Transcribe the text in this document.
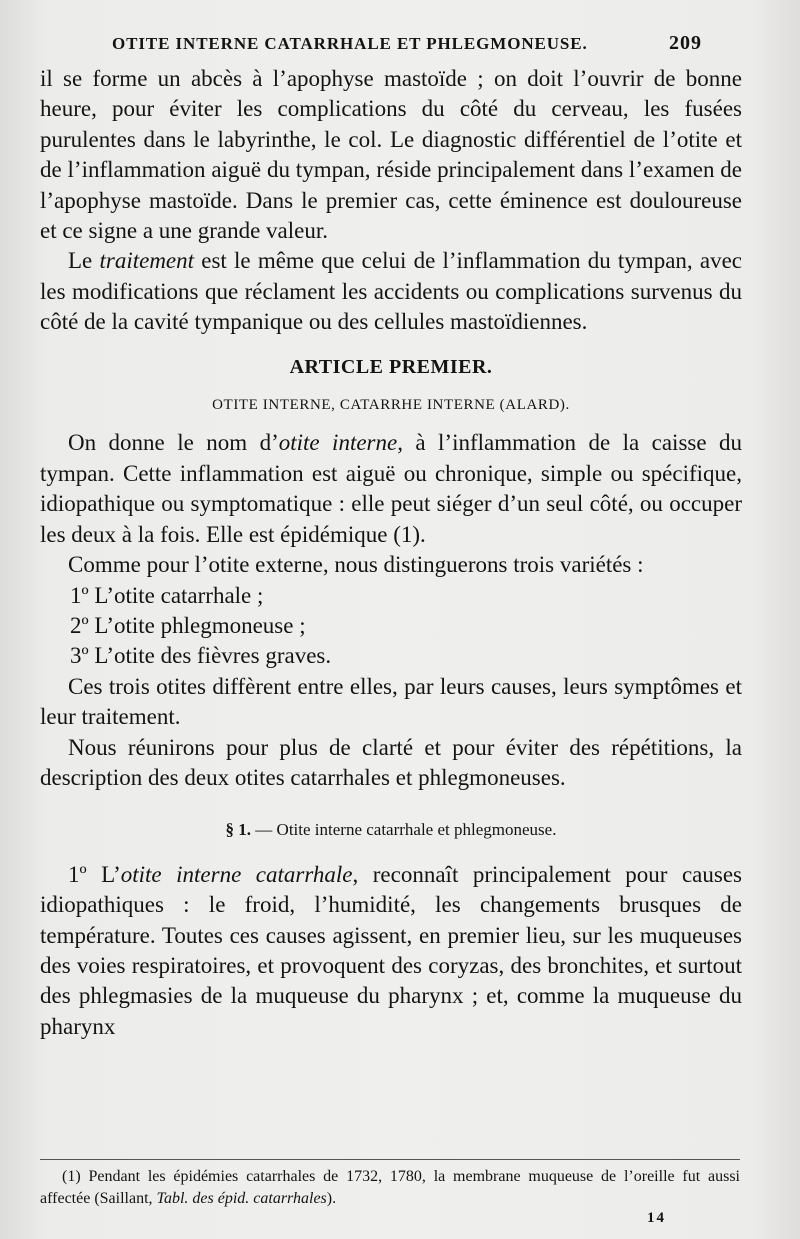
OTITE INTERNE CATARRHALE ET PHLEGMONEUSE.	209

il se forme un abcès à l’apophyse mastoïde ; on doit l’ouvrir de bonne heure, pour éviter les complications du côté du cerveau, les fusées purulentes dans le labyrinthe, le col. Le diagnostic différentiel de l’otite et de l’inflammation aiguë du tympan, réside principalement dans l’examen de l’apophyse mastoïde. Dans le premier cas, cette éminence est douloureuse et ce signe a une grande valeur.

Le traitement est le même que celui de l’inflammation du tympan, avec les modifications que réclament les accidents ou complications survenus du côté de la cavité tympanique ou des cellules mastoïdiennes.

ARTICLE PREMIER.

OTITE INTERNE, CATARRHE INTERNE (ALARD).

On donne le nom d’otite interne, à l’inflammation de la caisse du tympan. Cette inflammation est aiguë ou chronique, simple ou spécifique, idiopathique ou symptomatique : elle peut siéger d’un seul côté, ou occuper les deux à la fois. Elle est épidémique (1).

Comme pour l’otite externe, nous distinguerons trois variétés :

1º L’otite catarrhale ;

2º L’otite phlegmoneuse ;

3º L’otite des fièvres graves.

Ces trois otites diffèrent entre elles, par leurs causes, leurs symptômes et leur traitement.

Nous réunirons pour plus de clarté et pour éviter des répétitions, la description des deux otites catarrhales et phlegmoneuses.

§ 1. — Otite interne catarrhale et phlegmoneuse.

1º L’otite interne catarrhale, reconnaît principalement pour causes idiopathiques : le froid, l’humidité, les changements brusques de température. Toutes ces causes agissent, en premier lieu, sur les muqueuses des voies respiratoires, et provoquent des coryzas, des bronchites, et surtout des phlegmasies de la muqueuse du pharynx ; et, comme la muqueuse du pharynx

(1) Pendant les épidémies catarrhales de 1732, 1780, la membrane muqueuse de l’oreille fut aussi affectée (Saillant, Tabl. des épid. catarrhales).

14
